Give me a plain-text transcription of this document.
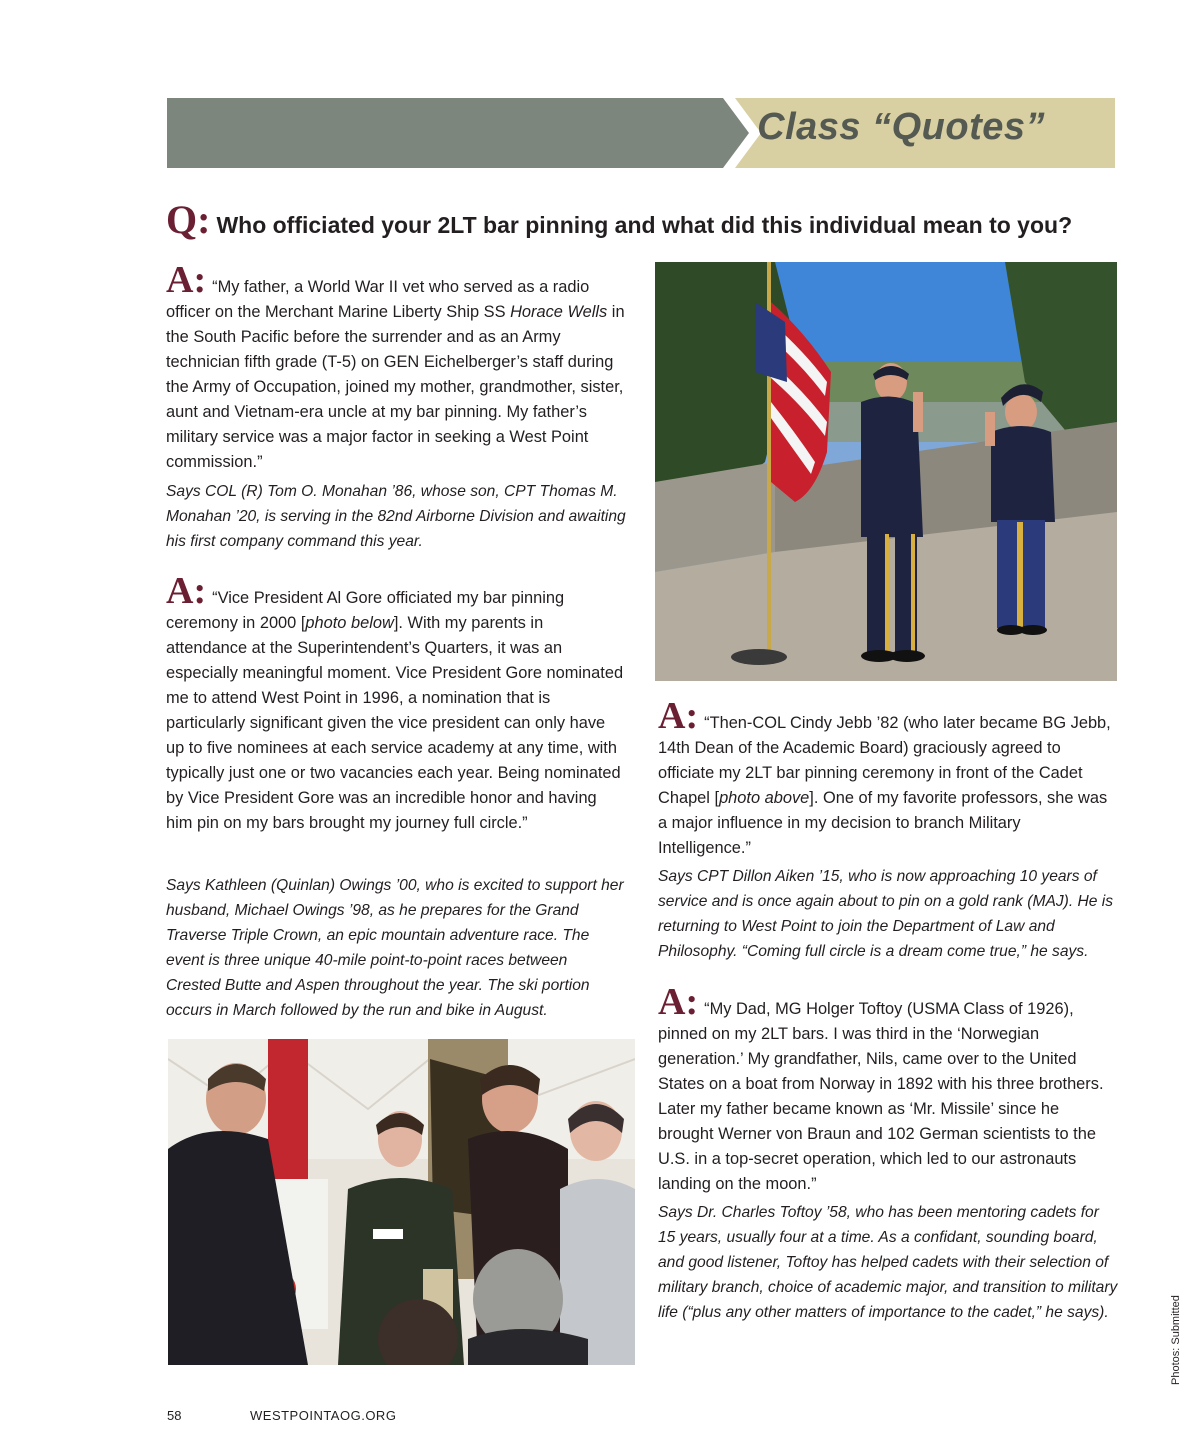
Class “Quotes”
Q: Who officiated your 2LT bar pinning and what did this individual mean to you?
A: “My father, a World War II vet who served as a radio officer on the Merchant Marine Liberty Ship SS Horace Wells in the South Pacific before the surrender and as an Army technician fifth grade (T-5) on GEN Eichelberger’s staff during the Army of Occupation, joined my mother, grandmother, sister, aunt and Vietnam-era uncle at my bar pinning. My father’s military service was a major factor in seeking a West Point commission.”
Says COL (R) Tom O. Monahan ’86, whose son, CPT Thomas M. Monahan ’20, is serving in the 82nd Airborne Division and awaiting his first company command this year.
A: “Vice President Al Gore officiated my bar pinning ceremony in 2000 [photo below]. With my parents in attendance at the Superintendent’s Quarters, it was an especially meaningful moment. Vice President Gore nominated me to attend West Point in 1996, a nomination that is particularly significant given the vice president can only have up to five nominees at each service academy at any time, with typically just one or two vacancies each year. Being nominated by Vice President Gore was an incredible honor and having him pin on my bars brought my journey full circle.”
Says Kathleen (Quinlan) Owings ’00, who is excited to support her husband, Michael Owings ’98, as he prepares for the Grand Traverse Triple Crown, an epic mountain adventure race. The event is three unique 40-mile point-to-point races between Crested Butte and Aspen throughout the year. The ski portion occurs in March followed by the run and bike in August.
A: “Then-COL Cindy Jebb ’82 (who later became BG Jebb, 14th Dean of the Academic Board) graciously agreed to officiate my 2LT bar pinning ceremony in front of the Cadet Chapel [photo above]. One of my favorite professors, she was a major influence in my decision to branch Military Intelligence.”
Says CPT Dillon Aiken ’15, who is now approaching 10 years of service and is once again about to pin on a gold rank (MAJ). He is returning to West Point to join the Department of Law and Philosophy. “Coming full circle is a dream come true,” he says.
A: “My Dad, MG Holger Toftoy (USMA Class of 1926), pinned on my 2LT bars. I was third in the ‘Norwegian generation.’ My grandfather, Nils, came over to the United States on a boat from Norway in 1892 with his three brothers. Later my father became known as ‘Mr. Missile’ since he brought Werner von Braun and 102 German scientists to the U.S. in a top-secret operation, which led to our astronauts landing on the moon.”
Says Dr. Charles Toftoy ’58, who has been mentoring cadets for 15 years, usually four at a time. As a confidant, sounding board, and good listener, Toftoy has helped cadets with their selection of military branch, choice of academic major, and transition to military life (“plus any other matters of importance to the cadet,” he says).
58	WESTPOINTAOG.ORG
Photos: Submitted
